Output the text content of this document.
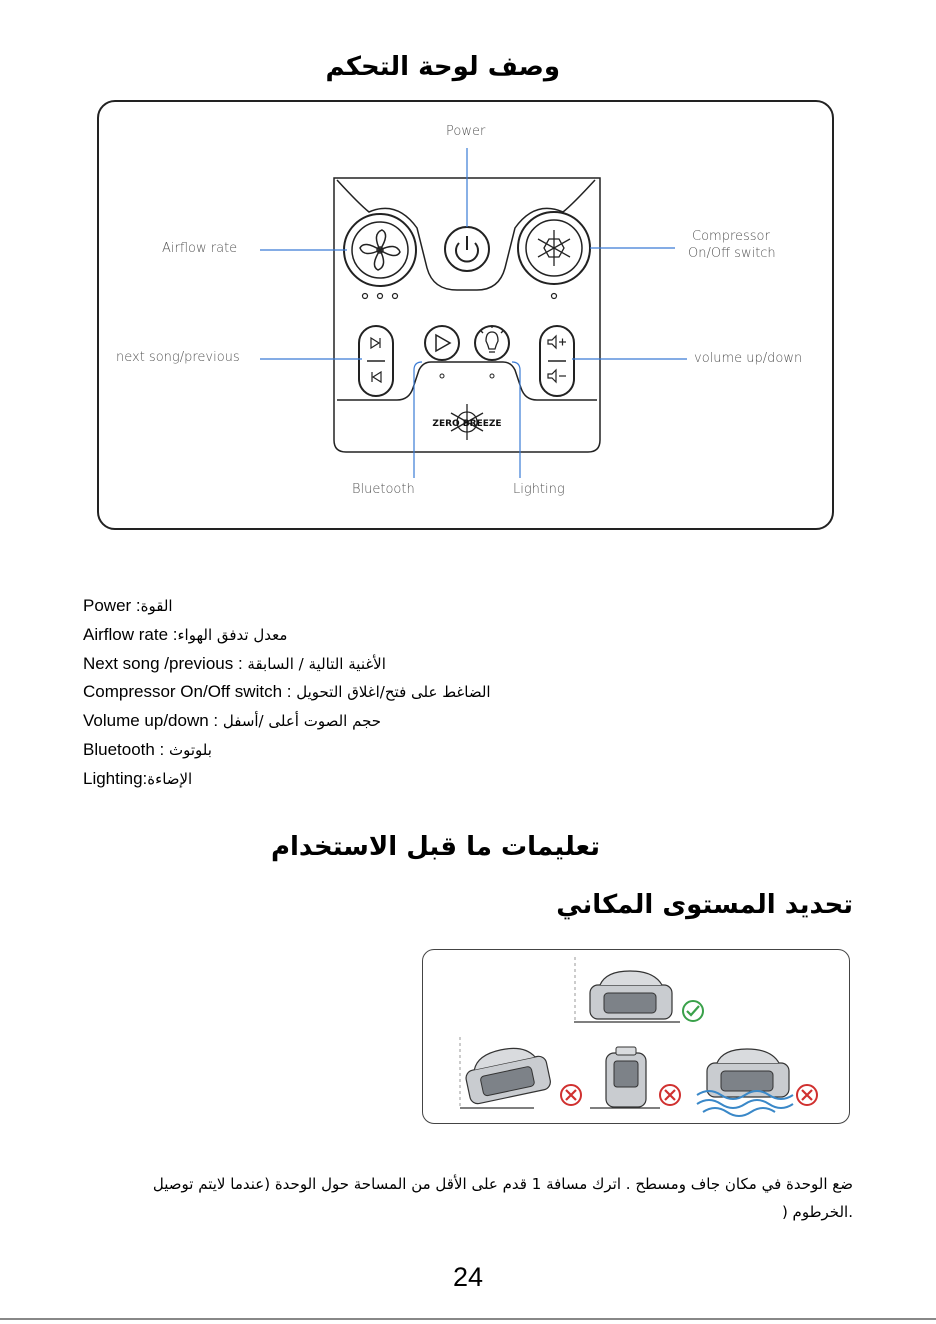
وصف لوحة التحكم
ZERO BREEZE
Power
Airflow rate
Compressor
On/Off switch
next song/previous	volume up/down
Bluetooth	Lighting
Power :القوة
Airflow rate :معدل تدفق الهواء
Next song /previous : الأغنية التالية / السابقة
Compressor On/Off switch : الضاغط على فتح/اغلاق التحويل
Volume up/down : حجم الصوت أعلى /أسفل
Bluetooth : بلوتوث
Lighting:الإضاءة
تعليمات ما قبل الاستخدام
تحديد المستوى المكاني
ضع الوحدة في مكان جاف ومسطح . اترك مسافة 1 قدم على الأقل من المساحة حول الوحدة (عندما لايتم توصيل
.الخرطوم (
24
